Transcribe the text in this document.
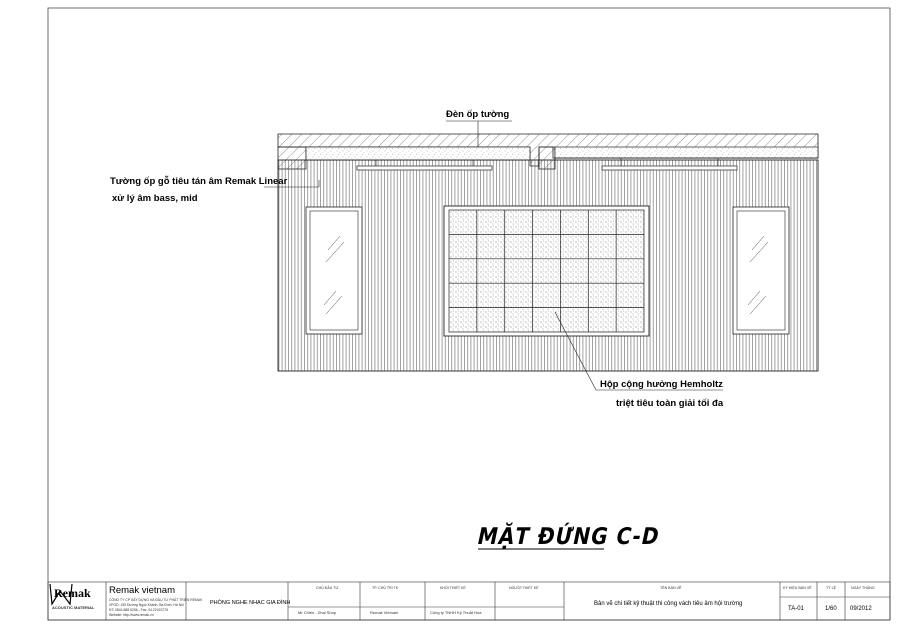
Đèn ốp tường
Tường ốp gỗ tiêu tán âm Remak Linear
xử lý âm bass, mid
Hộp cộng hưởng Hemholtz
triệt tiêu toàn giải tối đa
MẶT ĐỨNG C-D
Remak
ACOUSTIC MATERIAL
Remak vietnam
CÔNG TY CP XÂY DỰNG VÀ ĐẦU TƯ PHÁT TRIỂN REMAK
VPGD: 150 Đường Ngọc Khánh, Ba Đình, Hà Nội
ĐT: 0844.888.5256 - Fax: 04.22437275
Website: http://www.remak.vn
PHÒNG NGHE NHẠC GIA ĐÌNH
CHỦ ĐẦU TƯ
Mr Chiến - Zhai Shop
TP. CHỦ TRÌ TK
Remak Vietnam
KHỐI THIẾT KẾ
Công ty TNHH Kỹ Thuật Hoa
NGƯỜI THIẾT KẾ	TÊN BẢN VẼ
Bản vẽ chi tiết kỹ thuật thi công vách tiêu âm hội trường
KÝ HIỆU BẢN VẼ
TA-01
TỶ LỆ
1/60
NGÀY THÁNG
09/2012
